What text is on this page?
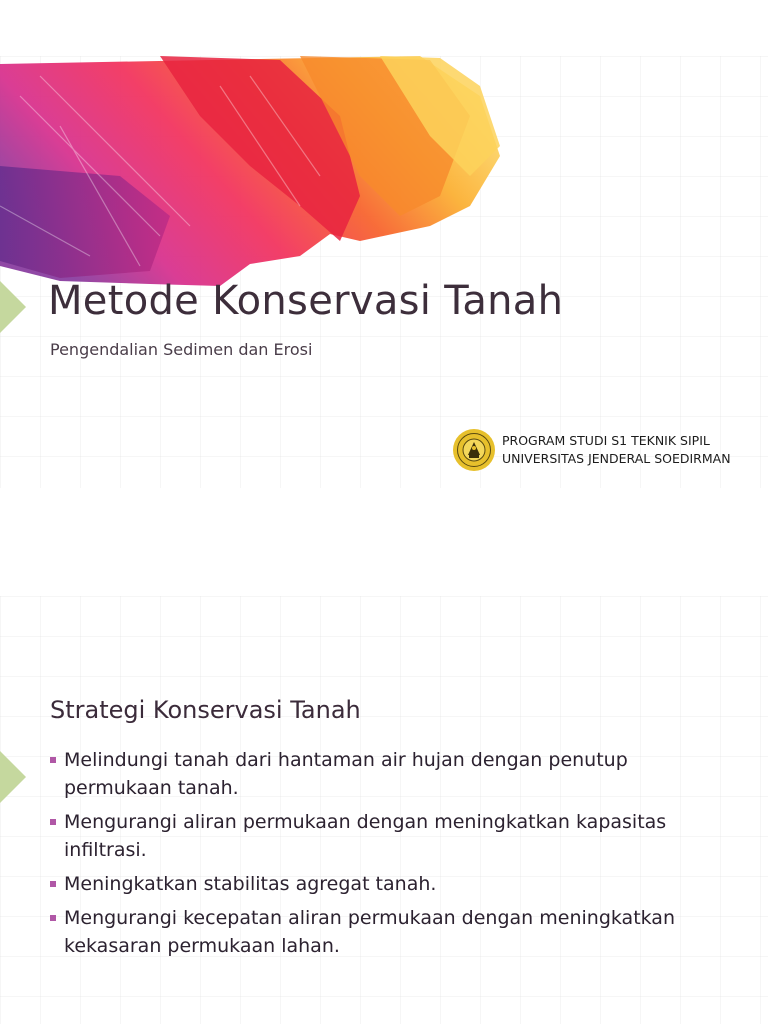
Metode Konservasi Tanah

Pengendalian Sedimen dan Erosi

PROGRAM STUDI S1 TEKNIK SIPIL
UNIVERSITAS JENDERAL SOEDIRMAN
Strategi Konservasi Tanah
Melindungi tanah dari hantaman air hujan dengan penutup permukaan tanah.
Mengurangi aliran permukaan dengan meningkatkan kapasitas infiltrasi.
Meningkatkan stabilitas agregat tanah.
Mengurangi kecepatan aliran permukaan dengan meningkatkan kekasaran permukaan lahan.
